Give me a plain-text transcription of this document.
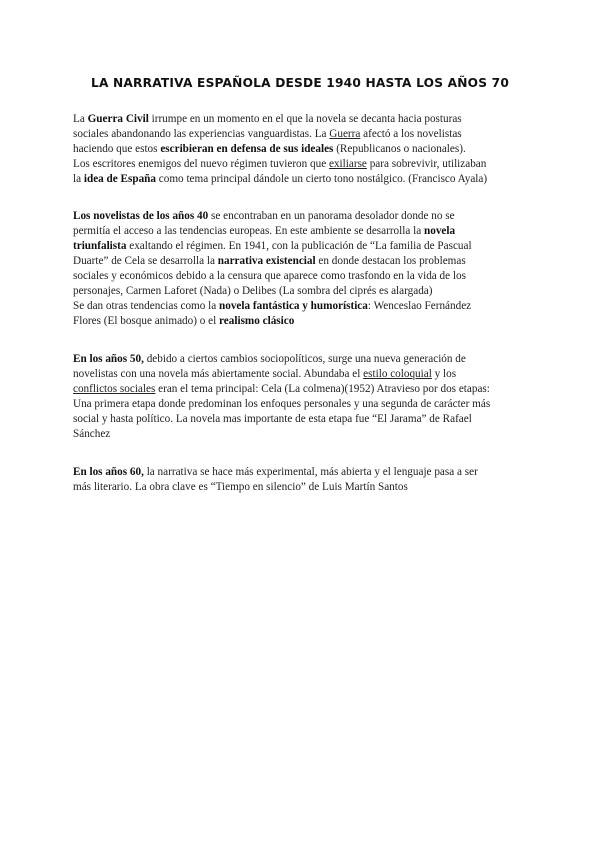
LA NARRATIVA ESPAÑOLA DESDE 1940 HASTA LOS AÑOS 70
La Guerra Civil irrumpe en un momento en el que la novela se decanta hacia posturas
sociales abandonando las experiencias vanguardistas. La Guerra afectó a los novelistas
haciendo que estos escribieran en defensa de sus ideales (Republicanos o nacionales).
Los escritores enemigos del nuevo régimen tuvieron que exiliarse para sobrevivir, utilizaban
la idea de España como tema principal dándole un cierto tono nostálgico. (Francisco Ayala)
Los novelistas de los años 40 se encontraban en un panorama desolador donde no se
permitía el acceso a las tendencias europeas. En este ambiente se desarrolla la novela
triunfalista exaltando el régimen. En 1941, con la publicación de “La familia de Pascual
Duarte” de Cela se desarrolla la narrativa existencial en donde destacan los problemas
sociales y económicos debido a la censura que aparece como trasfondo en la vida de los
personajes, Carmen Laforet (Nada) o Delibes (La sombra del ciprés es alargada)
Se dan otras tendencias como la novela fantástica y humorística: Wenceslao Fernández
Flores (El bosque animado) o el realismo clásico
En los años 50, debido a ciertos cambios sociopolíticos, surge una nueva generación de
novelistas con una novela más abiertamente social. Abundaba el estilo coloquial y los
conflictos sociales eran el tema principal: Cela (La colmena)(1952) Atravieso por dos etapas:
Una primera etapa donde predominan los enfoques personales y una segunda de carácter más
social y hasta político. La novela mas importante de esta etapa fue “El Jarama” de Rafael
Sánchez
En los años 60, la narrativa se hace más experimental, más abierta y el lenguaje pasa a ser
más literario. La obra clave es “Tiempo en silencio” de Luis Martín Santos
